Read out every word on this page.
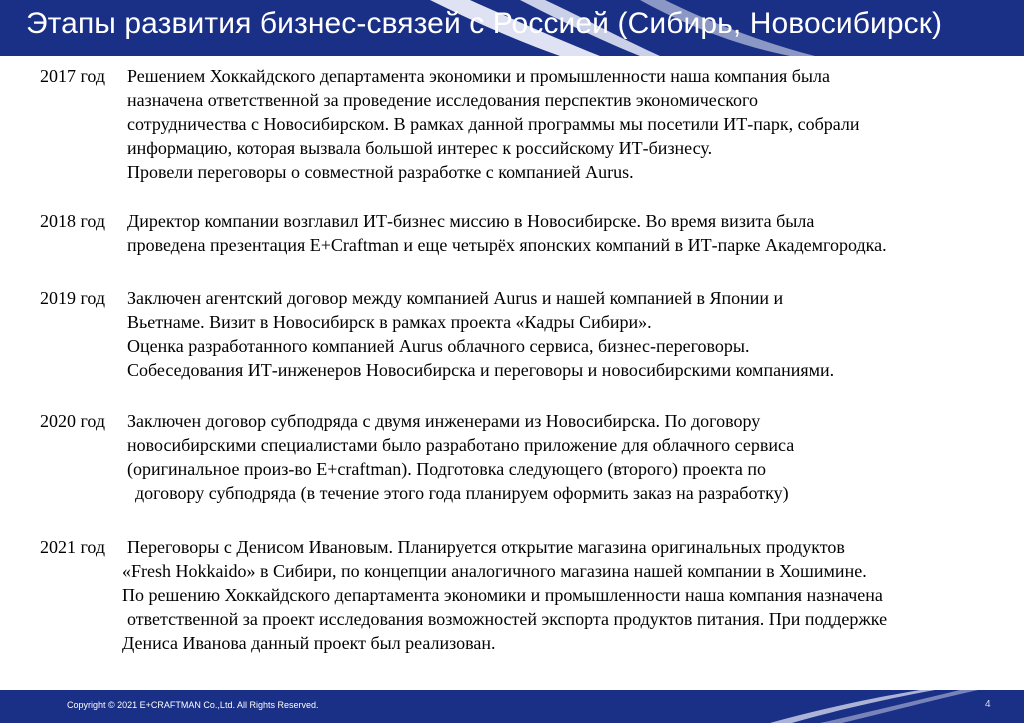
Этапы развития бизнес-связей с Россией (Сибирь, Новосибирск)
2017 год Решением Хоккайдского департамента экономики и промышленности наша компания была
назначена ответственной за проведение исследования перспектив экономического
сотрудничества с Новосибирском. В рамках данной программы мы посетили ИТ-парк, собрали
информацию, которая вызвала большой интерес к российскому ИТ-бизнесу.
Провели переговоры о совместной разработке с компанией Aurus.
2018 год Директор компании возглавил ИТ-бизнес миссию в Новосибирске. Во время визита была
проведена презентация E+Craftman и еще четырёх японских компаний в ИТ-парке Академгородка.
2019 год Заключен агентский договор между компанией Aurus и нашей компанией в Японии и
Вьетнаме. Визит в Новосибирск в рамках проекта «Кадры Сибири».
Оценка разработанного компанией Aurus облачного сервиса, бизнес-переговоры.
Собеседования ИТ-инженеров Новосибирска и переговоры и новосибирскими компаниями.
2020 год Заключен договор субподряда с двумя инженерами из Новосибирска. По договору
новосибирскими специалистами было разработано приложение для облачного сервиса
(оригинальное произ-во E+craftman). Подготовка следующего (второго) проекта по
договору субподряда (в течение этого года планируем оформить заказ на разработку)
2021 год Переговоры с Денисом Ивановым. Планируется открытие магазина оригинальных продуктов
«Fresh Hokkaido» в Сибири, по концепции аналогичного магазина нашей компании в Хошимине.
По решению Хоккайдского департамента экономики и промышленности наша компания назначена
ответственной за проект исследования возможностей экспорта продуктов питания. При поддержке
Дениса Иванова данный проект был реализован.
Copyright © 2021 E+CRAFTMAN Co.,Ltd. All Rights Reserved.	4
